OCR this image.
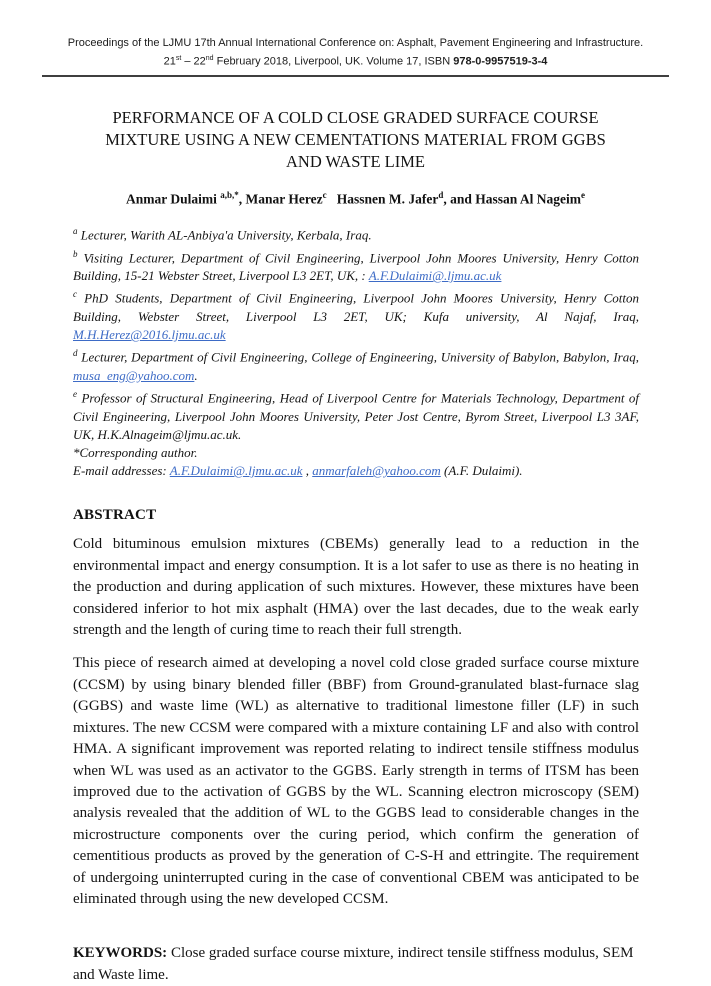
Proceedings of the LJMU 17th Annual International Conference on: Asphalt, Pavement Engineering and Infrastructure.
21st – 22nd February 2018, Liverpool, UK. Volume 17, ISBN 978-0-9957519-3-4
PERFORMANCE OF A COLD CLOSE GRADED SURFACE COURSE
MIXTURE USING A NEW CEMENTATIONS MATERIAL FROM GGBS
AND WASTE LIME

Anmar Dulaimi $^{a,b,*}$, Manar Herez$^c$   Hassnen M. Jafer$^d$, and Hassan Al Nageim$^e$

$^a$ Lecturer, Warith AL-Anbiya'a University, Kerbala, Iraq.
$^b$ Visiting Lecturer, Department of Civil Engineering, Liverpool John Moores University, Henry Cotton Building, 15-21 Webster Street, Liverpool L3 2ET, UK, : A.F.Dulaimi@.ljmu.ac.uk
$^c$ PhD Students, Department of Civil Engineering, Liverpool John Moores University, Henry Cotton Building, Webster Street, Liverpool L3 2ET, UK; Kufa university, Al Najaf, Iraq, M.H.Herez@2016.ljmu.ac.uk
$^d$ Lecturer, Department of Civil Engineering, College of Engineering, University of Babylon, Babylon, Iraq, musa_eng@yahoo.com.
$^e$ Professor of Structural Engineering, Head of Liverpool Centre for Materials Technology, Department of Civil Engineering, Liverpool John Moores University, Peter Jost Centre, Byrom Street, Liverpool L3 3AF, UK, H.K.Alnageim@ljmu.ac.uk.
*Corresponding author.
E-mail addresses: A.F.Dulaimi@.ljmu.ac.uk , anmarfaleh@yahoo.com (A.F. Dulaimi).
ABSTRACT

Cold bituminous emulsion mixtures (CBEMs) generally lead to a reduction in the environmental impact and energy consumption. It is a lot safer to use as there is no heating in the production and during application of such mixtures. However, these mixtures have been considered inferior to hot mix asphalt (HMA) over the last decades, due to the weak early strength and the length of curing time to reach their full strength.

This piece of research aimed at developing a novel cold close graded surface course mixture (CCSM) by using binary blended filler (BBF) from Ground-granulated blast-furnace slag (GGBS) and waste lime (WL) as alternative to traditional limestone filler (LF) in such mixtures. The new CCSM were compared with a mixture containing LF and also with control HMA. A significant improvement was reported relating to indirect tensile stiffness modulus when WL was used as an activator to the GGBS. Early strength in terms of ITSM has been improved due to the activation of GGBS by the WL. Scanning electron microscopy (SEM) analysis revealed that the addition of WL to the GGBS lead to considerable changes in the microstructure components over the curing period, which confirm the generation of cementitious products as proved by the generation of C-S-H and ettringite. The requirement of undergoing uninterrupted curing in the case of conventional CBEM was anticipated to be eliminated through using the new developed CCSM.

KEYWORDS: Close graded surface course mixture, indirect tensile stiffness modulus, SEM and Waste lime.
